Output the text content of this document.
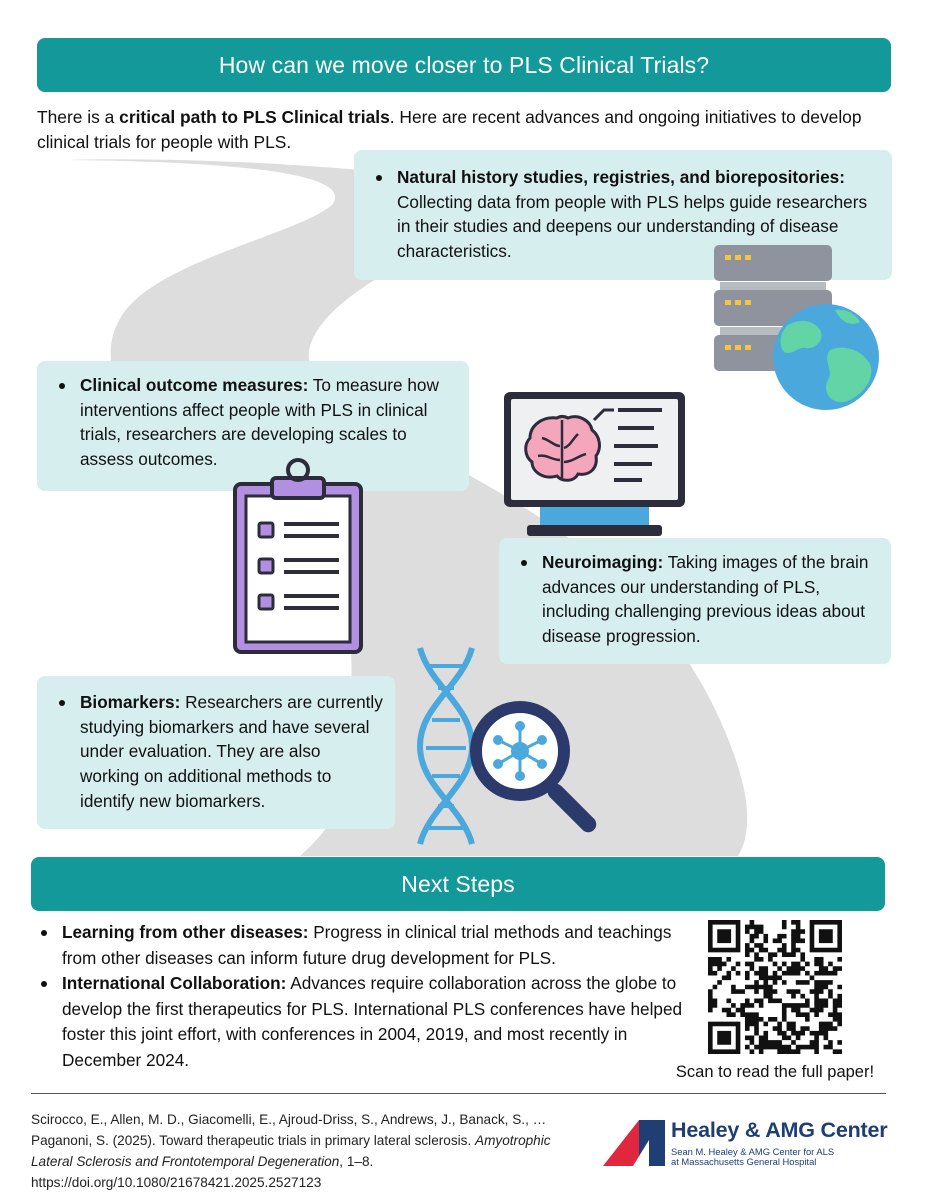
How can we move closer to PLS Clinical Trials?
There is a critical path to PLS Clinical trials. Here are recent advances and ongoing initiatives to develop clinical trials for people with PLS.
Natural history studies, registries, and biorepositories:
Collecting data from people with PLS helps guide researchers in their studies and deepens our understanding of disease characteristics.
Clinical outcome measures: To measure how interventions affect people with PLS in clinical trials, researchers are developing scales to assess outcomes.
Neuroimaging: Taking images of the brain advances our understanding of PLS, including challenging previous ideas about disease progression.
Biomarkers: Researchers are currently studying biomarkers and have several under evaluation. They are also working on additional methods to identify new biomarkers.
Next Steps
Learning from other diseases: Progress in clinical trial methods and teachings from other diseases can inform future drug development for PLS.
International Collaboration: Advances require collaboration across the globe to develop the first therapeutics for PLS. International PLS conferences have helped foster this joint effort, with conferences in 2004, 2019, and most recently in December 2024.
Scan to read the full paper!
Scirocco, E., Allen, M. D., Giacomelli, E., Ajroud-Driss, S., Andrews, J., Banack, S., … Paganoni, S. (2025). Toward therapeutic trials in primary lateral sclerosis. Amyotrophic Lateral Sclerosis and Frontotemporal Degeneration, 1–8. https://doi.org/10.1080/21678421.2025.2527123
Healey & AMG Center
Sean M. Healey & AMG Center for ALS
at Massachusetts General Hospital
